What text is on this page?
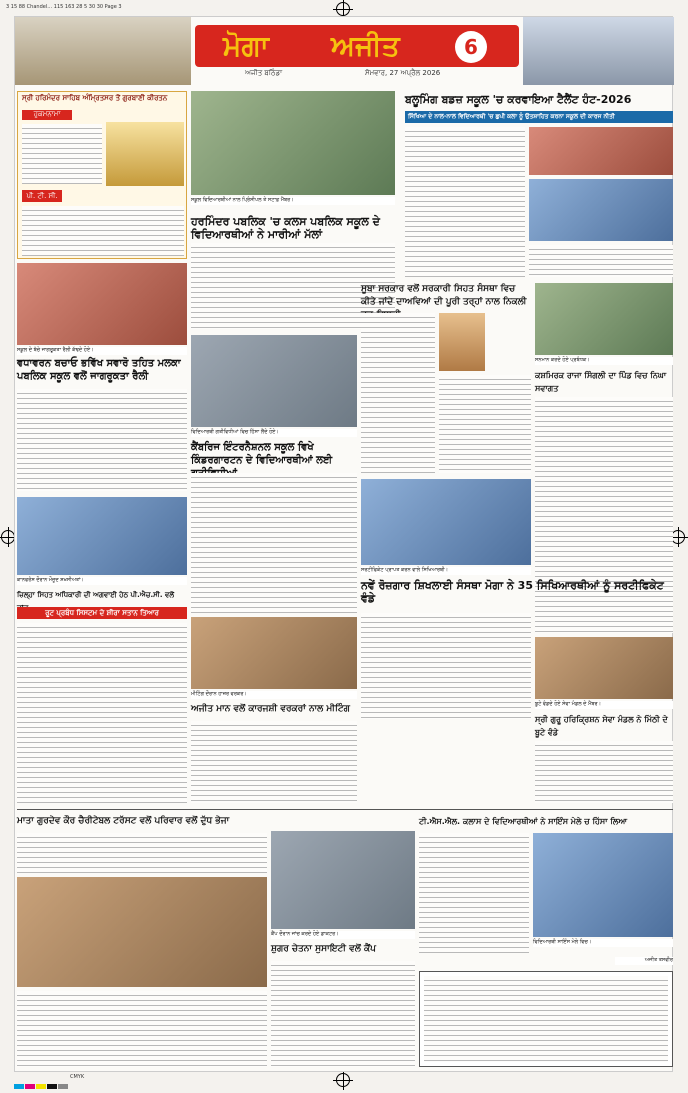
3 15 88 Chandel… 115 163 28 5 30 30 Page 3
ਮੋਗਾ	ਅਜੀਤ	6
ਅਜੀਤ ਬਠਿੰਡਾ	ਸੋਮਵਾਰ, 27 ਅਪ੍ਰੈਲ 2026
ਸ੍ਰੀ ਹਰਿਮੰਦਰ ਸਾਹਿਬ ਅੰਮ੍ਰਿਤਸਰ ਤੋਂ ਗੁਰਬਾਣੀ ਕੀਰਤਨ
ਹੁਕਮਨਾਮਾ
ਪੀ. ਟੀ. ਸੀ.
ਸਕੂਲ ਦੇ ਬੱਚੇ ਜਾਗਰੂਕਤਾ ਰੈਲੀ ਕੱਢਦੇ ਹੋਏ।
ਵਧਾਵਰਨ ਬਚਾਓ ਭਵਿੱਖ ਸਵਾਰੋ ਤਹਿਤ ਮਲਕਾ ਪਬਲਿਕ ਸਕੂਲ ਵਲੋਂ ਜਾਗਰੂਕਤਾ ਰੈਲੀ
ਕਾਨਫਰੰਸ ਦੌਰਾਨ ਮੌਜੂਦ ਸ਼ਖ਼ਸੀਅਤਾਂ।
ਜ਼ਿਲ੍ਹਾ ਸਿਹਤ ਅਧਿਕਾਰੀ ਦੀ ਅਗਵਾਈ ਹੇਠ ਪੀ.ਐਚ.ਸੀ. ਵਲੋਂ
ਰੂਟ ਪ੍ਰਬੰਧ ਸਿਸਟਮ ਦੇ ਸ਼ੀਰਾ ਸਤਾਨ ਤਿਆਰ
ਸਕੂਲ ਵਿਦਿਆਰਥੀਆਂ ਨਾਲ ਪ੍ਰਿੰਸੀਪਲ ਤੇ ਸਟਾਫ਼ ਮੈਂਬਰ।
ਹਰਮਿੰਦਰ ਪਬਲਿਕ 'ਚ ਕਲਸ ਪਬਲਿਕ ਸਕੂਲ ਦੇ ਵਿਦਿਆਰਥੀਆਂ ਨੇ ਮਾਰੀਆਂ ਮੱਲਾਂ
ਵਿਦਿਆਰਥੀ ਗਤੀਵਿਧੀਆਂ ਵਿਚ ਹਿੱਸਾ ਲੈਂਦੇ ਹੋਏ।
ਕੈਂਬਰਿਜ ਇੰਟਰਨੈਸ਼ਨਲ ਸਕੂਲ ਵਿਖੇ ਕਿੰਡਰਗਾਰਟਨ ਦੇ ਵਿਦਿਆਰਥੀਆਂ ਲਈ
ਮੀਟਿੰਗ ਦੌਰਾਨ ਹਾਜ਼ਰ ਵਰਕਰ।
ਅਜੀਤ ਮਾਨ ਵਲੋਂ ਕਾਰਜਸ਼ੀ ਵਰਕਰਾਂ ਨਾਲ ਮੀਟਿੰਗ
ਬਲੂਮਿੰਗ ਬਡਜ਼ ਸਕੂਲ 'ਚ ਕਰਵਾਇਆ ਟੈਲੈਂਟ ਹੰਟ-2026
ਸਿੱਖਿਆ ਦੇ ਨਾਲ-ਨਾਲ ਵਿਦਿਆਰਥੀ 'ਚ ਛੁਪੀ ਕਲਾ ਨੂੰ ਉਤਸ਼ਾਹਿਤ ਕਰਨਾ ਸਕੂਲ ਦੀ ਕਾਰਜ ਨੀਤੀ
ਸੂਬਾ ਸਰਕਾਰ ਵਲੋਂ ਸਰਕਾਰੀ ਸਿਹਤ ਸੰਸਥਾ ਵਿਚ ਕੀਤੇ ਜਾਂਦੇ ਦਾਅਵਿਆਂ ਦੀ ਪੂਰੀ ਤਰ੍ਹਾਂ ਨਾਲ ਨਿਕਲੀ
ਸਨਮਾਨ ਕਰਦੇ ਹੋਏ ਪ੍ਰਬੰਧਕ।
ਕਸ਼ਮਿਰਕ ਰਾਜਾ ਸਿੰਗਲੀ ਦਾ ਪਿੰਡ ਵਿਚ ਨਿਘਾ ਸਵਾਗਤ
ਸਰਟੀਫਿਕੇਟ ਪ੍ਰਾਪਤ ਕਰਨ ਵਾਲੇ ਸਿਖਿਆਰਥੀ।
ਨਵੇਂ ਰੋਜ਼ਗਾਰ ਸ਼ਿਖਲਾਈ ਸੰਸਥਾ ਮੋਗਾ ਨੇ 35 ਸਿਖਿਆਰਥੀਆਂ ਨੂੰ ਸਰਟੀਫਿਕੇਟ ਵੰਡੇ
ਬੂਟੇ ਵੰਡਦੇ ਹੋਏ ਸੇਵਾ ਮੰਡਲ ਦੇ ਮੈਂਬਰ।
ਸ੍ਰੀ ਗੁਰੂ ਹਰਿਕ੍ਰਿਸ਼ਨ ਸੇਵਾ ਮੰਡਲ ਨੇ ਮਿੱਠੀ ਦੇ ਬੂਟੇ ਵੰਡੇ
ਮਾਤਾ ਗੁਰਦੇਵ ਕੌਰ ਚੈਰੀਟੇਬਲ ਟਰੱਸਟ ਵਲੋਂ ਪਰਿਵਾਰ ਵਲੋਂ ਦੁੱਧ ਭੇਜਾ
ਕੈਂਪ ਦੌਰਾਨ ਜਾਂਚ ਕਰਦੇ ਹੋਏ ਡਾਕਟਰ।
ਸ਼ੁਗਰ ਚੇਤਨਾ ਸੁਸਾਇਟੀ ਵਲੋਂ ਕੈਂਪ
ਟੀ.ਐਸ.ਐਲ. ਕਲਾਸ ਦੇ ਵਿਦਿਆਰਥੀਆਂ ਨੇ ਸਾਇੰਸ ਮੇਲੇ ਚ ਹਿੱਸਾ ਲਿਆ
ਵਿਦਿਆਰਥੀ ਸਾਇੰਸ ਮੇਲੇ ਵਿਚ।
ਅਜੀਤ ਤਸਵੀਰ
CMYK
